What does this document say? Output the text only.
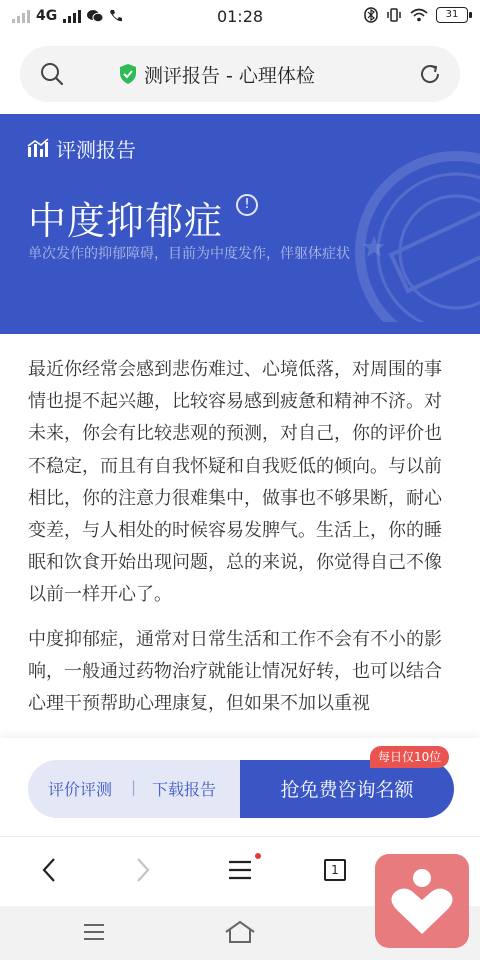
4G	01:28	31
测评报告 - 心理体检
评测报告
中度抑郁症	!
单次发作的抑郁障碍，目前为中度发作，伴躯体症状

最近你经常会感到悲伤难过、心境低落，对周围的事情也提不起兴趣，比较容易感到疲惫和精神不济。对未来，你会有比较悲观的预测，对自己，你的评价也不稳定，而且有自我怀疑和自我贬低的倾向。与以前相比，你的注意力很难集中，做事也不够果断，耐心变差，与人相处的时候容易发脾气。生活上，你的睡眠和饮食开始出现问题，总的来说，你觉得自己不像以前一样开心了。

中度抑郁症，通常对日常生活和工作不会有不小的影响，一般通过药物治疗就能让情况好转，也可以结合心理干预帮助心理康复，但如果不加以重视

评价评测 | 下载报告	抢免费咨询名额
每日仅10位
1
